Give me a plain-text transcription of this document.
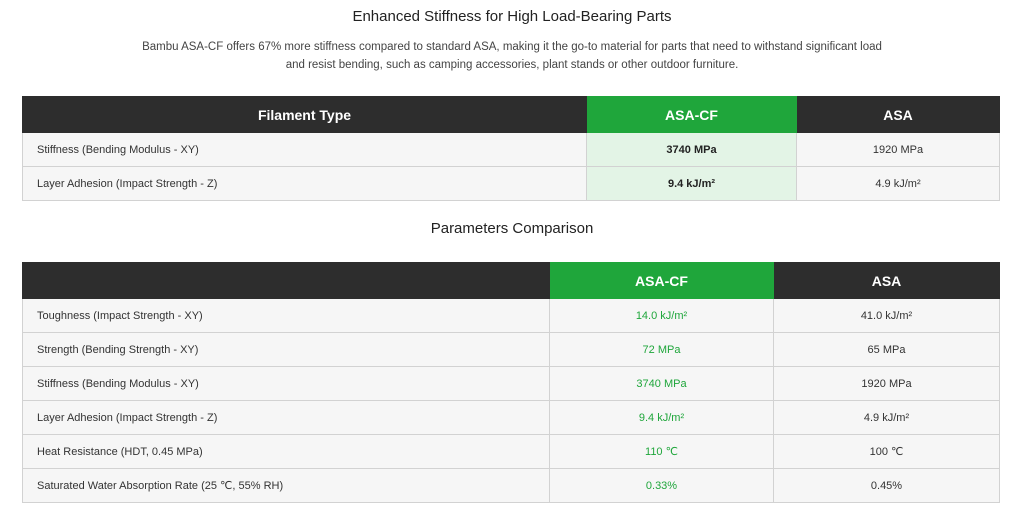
Enhanced Stiffness for High Load-Bearing Parts
Bambu ASA-CF offers 67% more stiffness compared to standard ASA, making it the go-to material for parts that need to withstand significant load
and resist bending, such as camping accessories, plant stands or other outdoor furniture.
Filament Type	ASA-CF	ASA
Stiffness (Bending Modulus - XY)	3740 MPa	1920 MPa
Layer Adhesion (Impact Strength - Z)	9.4 kJ/m²	4.9 kJ/m²
Parameters Comparison
	ASA-CF	ASA
Toughness (Impact Strength - XY)	14.0 kJ/m²	41.0 kJ/m²
Strength (Bending Strength - XY)	72 MPa	65 MPa
Stiffness (Bending Modulus - XY)	3740 MPa	1920 MPa
Layer Adhesion (Impact Strength - Z)	9.4 kJ/m²	4.9 kJ/m²
Heat Resistance (HDT, 0.45 MPa)	110 ℃	100 ℃
Saturated Water Absorption Rate (25 ℃, 55% RH)	0.33%	0.45%
